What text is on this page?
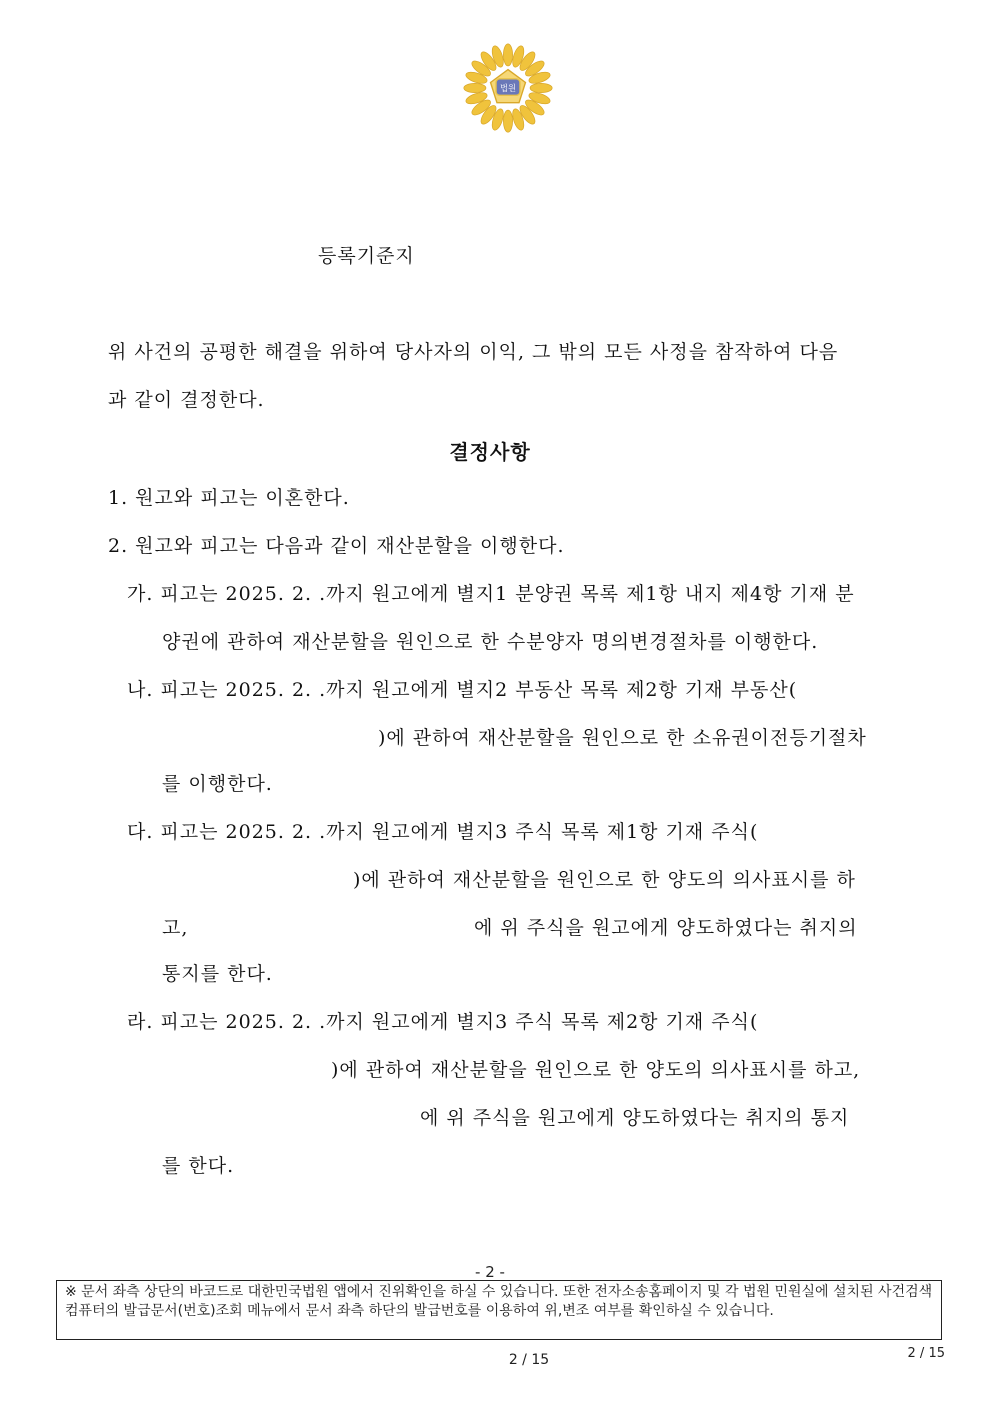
법원
등록기준지
위 사건의 공평한 해결을 위하여 당사자의 이익, 그 밖의 모든 사정을 참작하여 다음
과 같이 결정한다.
결정사항
1. 원고와 피고는 이혼한다.
2. 원고와 피고는 다음과 같이 재산분할을 이행한다.
가. 피고는 2025. 2. .까지 원고에게 별지1 분양권 목록 제1항 내지 제4항 기재 분
양권에 관하여 재산분할을 원인으로 한 수분양자 명의변경절차를 이행한다.
나. 피고는 2025. 2. .까지 원고에게 별지2 부동산 목록 제2항 기재 부동산(
)에 관하여 재산분할을 원인으로 한 소유권이전등기절차
를 이행한다.
다. 피고는 2025. 2. .까지 원고에게 별지3 주식 목록 제1항 기재 주식(
)에 관하여 재산분할을 원인으로 한 양도의 의사표시를 하
고,	에 위 주식을 원고에게 양도하였다는 취지의
통지를 한다.
라. 피고는 2025. 2. .까지 원고에게 별지3 주식 목록 제2항 기재 주식(
)에 관하여 재산분할을 원인으로 한 양도의 의사표시를 하고,
에 위 주식을 원고에게 양도하였다는 취지의 통지
를 한다.
- 2 -
※ 문서 좌측 상단의 바코드로 대한민국법원 앱에서 진위확인을 하실 수 있습니다. 또한 전자소송홈페이지 및 각 법원 민원실에 설치된 사건검색 컴퓨터의 발급문서(번호)조회 메뉴에서 문서 좌측 하단의 발급번호를 이용하여 위,변조 여부를 확인하실 수 있습니다.
2 / 15	2 / 15
